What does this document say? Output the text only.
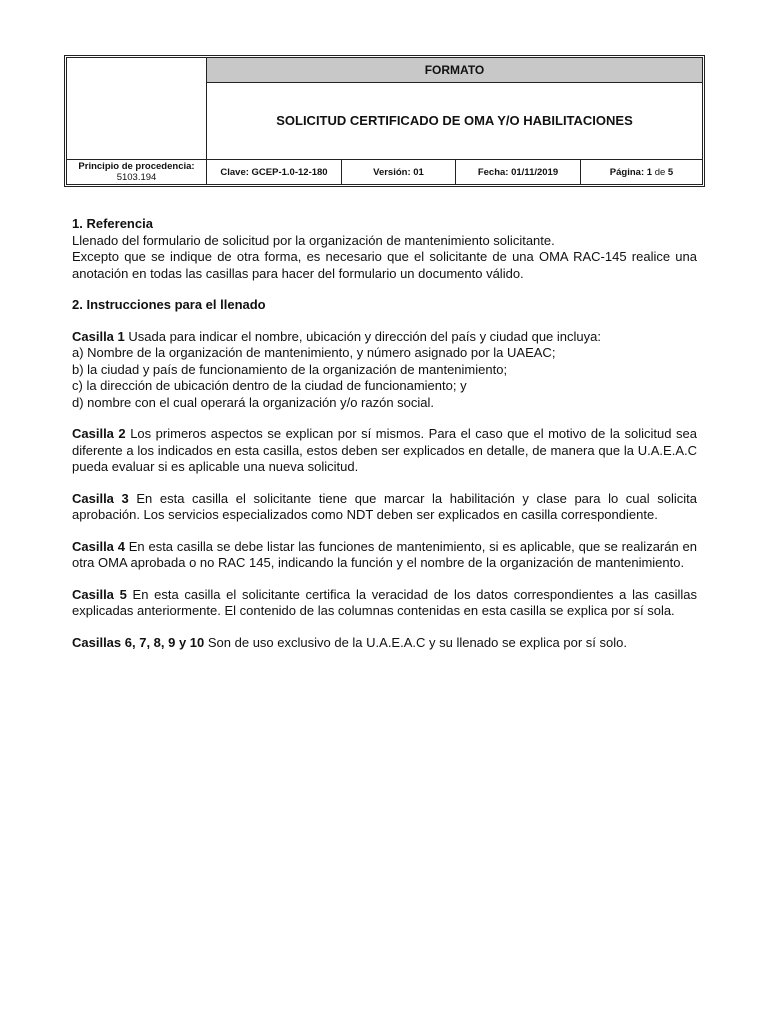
FORMATO
SOLICITUD CERTIFICADO DE OMA Y/O HABILITACIONES
Principio de procedencia:
5103.194	Clave: GCEP-1.0-12-180	Versión: 01	Fecha: 01/11/2019	Página: 1 de 5

1. Referencia

Llenado del formulario de solicitud por la organización de mantenimiento solicitante.

Excepto que se indique de otra forma, es necesario que el solicitante de una OMA RAC-145 realice una anotación en todas las casillas para hacer del formulario un documento válido.

2. Instrucciones para el llenado

Casilla 1 Usada para indicar el nombre, ubicación y dirección del país y ciudad que incluya:

a) Nombre de la organización de mantenimiento, y número asignado por la UAEAC;

b) la ciudad y país de funcionamiento de la organización de mantenimiento;

c) la dirección de ubicación dentro de la ciudad de funcionamiento; y

d) nombre con el cual operará la organización y/o razón social.

Casilla 2 Los primeros aspectos se explican por sí mismos. Para el caso que el motivo de la solicitud sea diferente a los indicados en esta casilla, estos deben ser explicados en detalle, de manera que la U.A.E.A.C pueda evaluar si es aplicable una nueva solicitud.

Casilla 3 En esta casilla el solicitante tiene que marcar la habilitación y clase para lo cual solicita aprobación. Los servicios especializados como NDT deben ser explicados en casilla correspondiente.

Casilla 4 En esta casilla se debe listar las funciones de mantenimiento, si es aplicable, que se realizarán en otra OMA aprobada o no RAC 145, indicando la función y el nombre de la organización de mantenimiento.

Casilla 5 En esta casilla el solicitante certifica la veracidad de los datos correspondientes a las casillas explicadas anteriormente. El contenido de las columnas contenidas en esta casilla se explica por sí sola.

Casillas 6, 7, 8, 9 y 10 Son de uso exclusivo de la U.A.E.A.C y su llenado se explica por sí solo.
